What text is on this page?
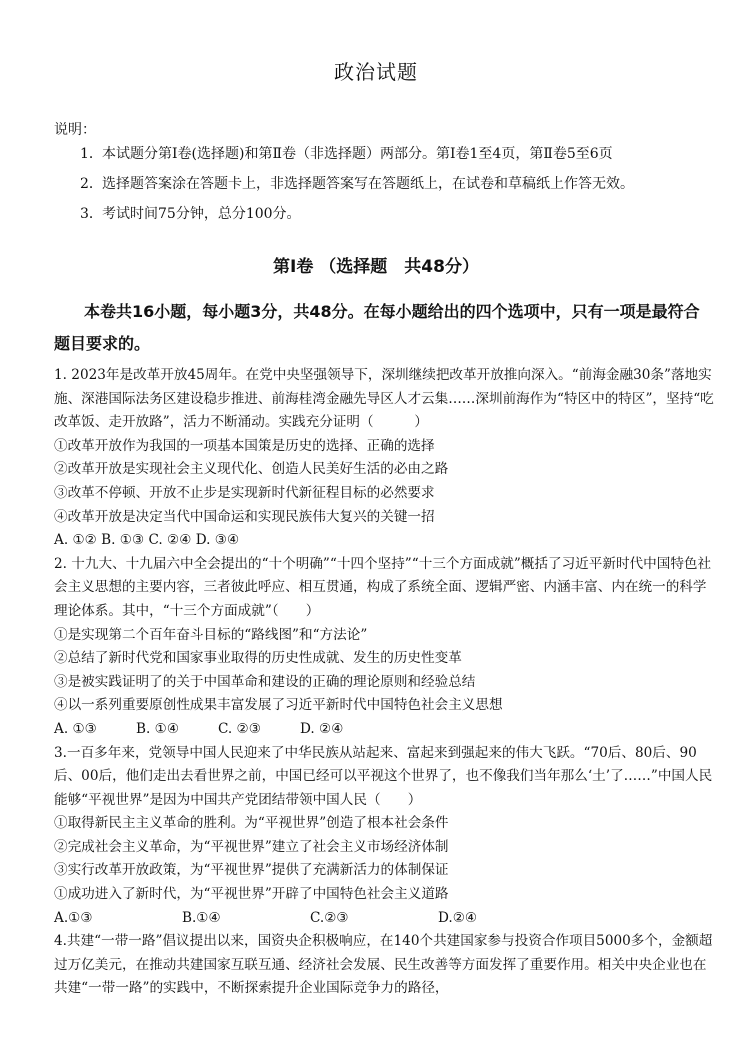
政治试题

说明：

1． 本试题分第Ⅰ卷(选择题)和第Ⅱ卷（非选择题）两部分。第Ⅰ卷1至4页，第Ⅱ卷5至6页
2． 选择题答案涂在答题卡上，非选择题答案写在答题纸上，在试卷和草稿纸上作答无效。
3． 考试时间75分钟，总分100分。
第Ⅰ卷 （选择题　共48分）
本卷共16小题，每小题3分，共48分。在每小题给出的四个选项中，只有一项是最符合题目要求的。

1. 2023年是改革开放45周年。在党中央坚强领导下，深圳继续把改革开放推向深入。“前海金融30条”落地实施、深港国际法务区建设稳步推进、前海桂湾金融先导区人才云集……深圳前海作为“特区中的特区”，坚持“吃改革饭、走开放路”，活力不断涌动。实践充分证明（　　　）

①改革开放作为我国的一项基本国策是历史的选择、正确的选择

②改革开放是实现社会主义现代化、创造人民美好生活的必由之路

③改革不停顿、开放不止步是实现新时代新征程目标的必然要求

④改革开放是决定当代中国命运和实现民族伟大复兴的关键一招

A. ①② B. ①③ C. ②④ D. ③④

2. 十九大、十九届六中全会提出的“十个明确”“十四个坚持”“十三个方面成就”概括了习近平新时代中国特色社会主义思想的主要内容，三者彼此呼应、相互贯通，构成了系统全面、逻辑严密、内涵丰富、内在统一的科学理论体系。其中，“十三个方面成就”（　　）

①是实现第二个百年奋斗目标的“路线图”和“方法论”

②总结了新时代党和国家事业取得的历史性成就、发生的历史性变革

③是被实践证明了的关于中国革命和建设的正确的理论原则和经验总结

④以一系列重要原创性成果丰富发展了习近平新时代中国特色社会主义思想

A. ①③	B. ①④	C. ②③	D. ②④

3.一百多年来，党领导中国人民迎来了中华民族从站起来、富起来到强起来的伟大飞跃。“70后、80后、90后、00后，他们走出去看世界之前，中国已经可以平视这个世界了，也不像我们当年那么‘土’了……”中国人民能够“平视世界”是因为中国共产党团结带领中国人民（　　）

①取得新民主主义革命的胜利。为“平视世界”创造了根本社会条件

②完成社会主义革命，为“平视世界”建立了社会主义市场经济体制

③实行改革开放政策，为“平视世界”提供了充满新活力的体制保证

①成功进入了新时代，为“平视世界”开辟了中国特色社会主义道路

A.①③	B.①④	C.②③	D.②④

4.共建“一带一路”倡议提出以来，国资央企积极响应，在140个共建国家参与投资合作项目5000多个，金额超过万亿美元，在推动共建国家互联互通、经济社会发展、民生改善等方面发挥了重要作用。相关中央企业也在共建“一带一路”的实践中，不断探索提升企业国际竞争力的路径，
